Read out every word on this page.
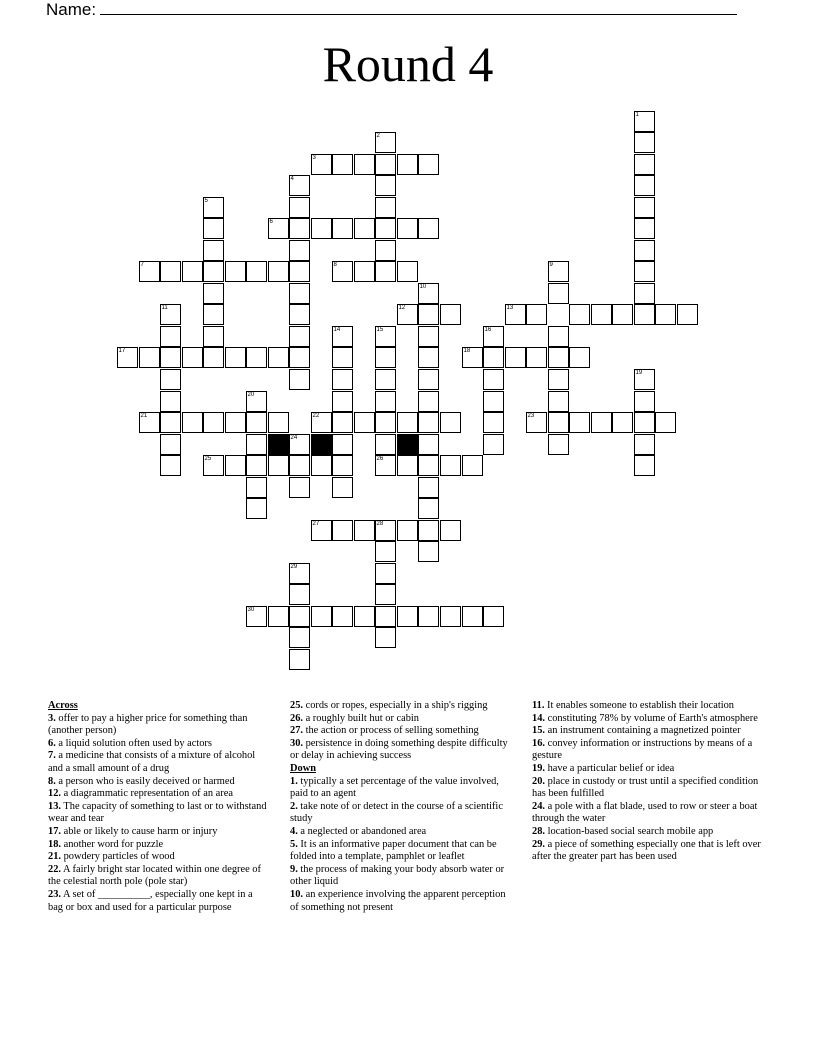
Name:
Round 4
1
2
3
4
5
6
7	8	9
10
11	12	13
14	15	16
17	18
19
20
21	22	23
24
25	26
27	28
29
30
Across
3. offer to pay a higher price for something than (another person)
6. a liquid solution often used by actors
7. a medicine that consists of a mixture of alcohol and a small amount of a drug
8. a person who is easily deceived or harmed
12. a diagrammatic representation of an area
13. The capacity of something to last or to withstand wear and tear
17. able or likely to cause harm or injury
18. another word for puzzle
21. powdery particles of wood
22. A fairly bright star located within one degree of the celestial north pole (pole star)
23. A set of __________, especially one kept in a bag or box and used for a particular purpose
25. cords or ropes, especially in a ship's rigging
26. a roughly built hut or cabin
27. the action or process of selling something
30. persistence in doing something despite difficulty or delay in achieving success
Down
1. typically a set percentage of the value involved, paid to an agent
2. take note of or detect in the course of a scientific study
4. a neglected or abandoned area
5. It is an informative paper document that can be folded into a template, pamphlet or leaflet
9. the process of making your body absorb water or other liquid
10. an experience involving the apparent perception of something not present
11. It enables someone to establish their location
14. constituting 78% by volume of Earth's atmosphere
15. an instrument containing a magnetized pointer
16. convey information or instructions by means of a gesture
19. have a particular belief or idea
20. place in custody or trust until a specified condition has been fulfilled
24. a pole with a flat blade, used to row or steer a boat through the water
28. location-based social search mobile app
29. a piece of something especially one that is left over after the greater part has been used
